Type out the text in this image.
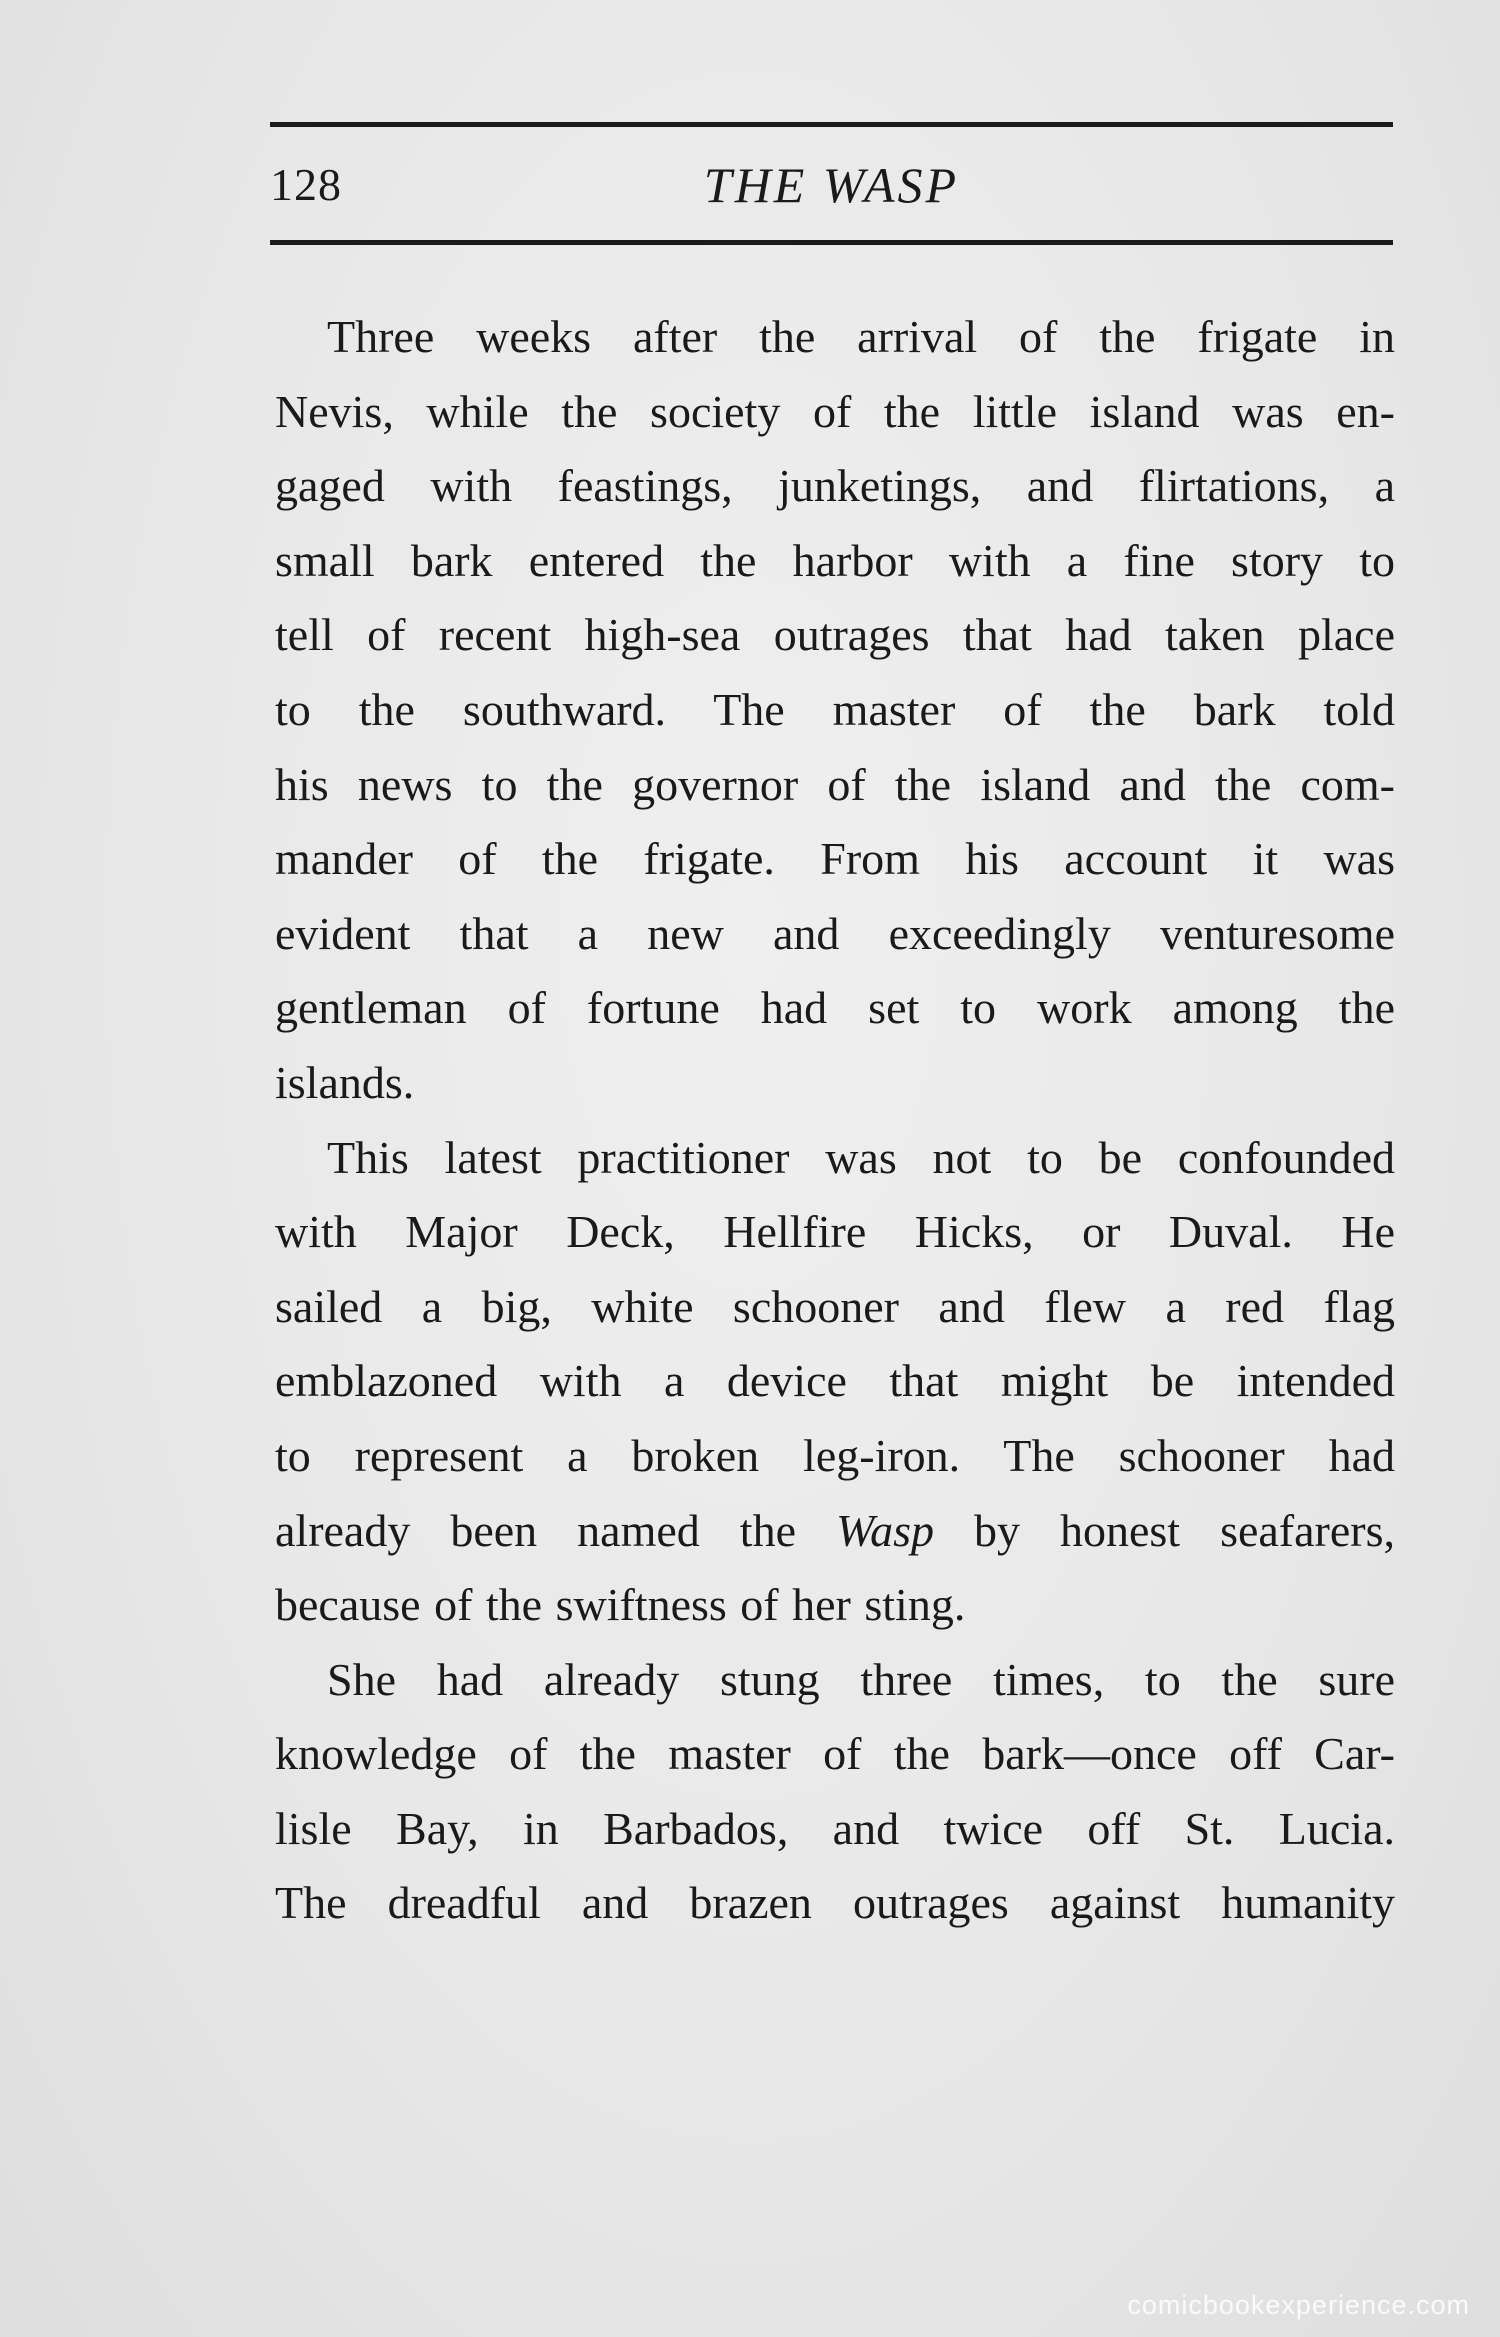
128	THE WASP

Three weeks after the arrival of the frigate in
Nevis, while the society of the little island was en-
gaged with feastings, junketings, and flirtations, a
small bark entered the harbor with a fine story to
tell of recent high-sea outrages that had taken place
to the southward. The master of the bark told
his news to the governor of the island and the com-
mander of the frigate. From his account it was
evident that a new and exceedingly venturesome
gentleman of fortune had set to work among the
islands.

This latest practitioner was not to be confounded
with Major Deck, Hellfire Hicks, or Duval. He
sailed a big, white schooner and flew a red flag
emblazoned with a device that might be intended
to represent a broken leg-iron. The schooner had
already been named the Wasp by honest seafarers,
because of the swiftness of her sting.

She had already stung three times, to the sure
knowledge of the master of the bark—once off Car-
lisle Bay, in Barbados, and twice off St. Lucia.
The dreadful and brazen outrages against humanity

comicbookexperience.com
